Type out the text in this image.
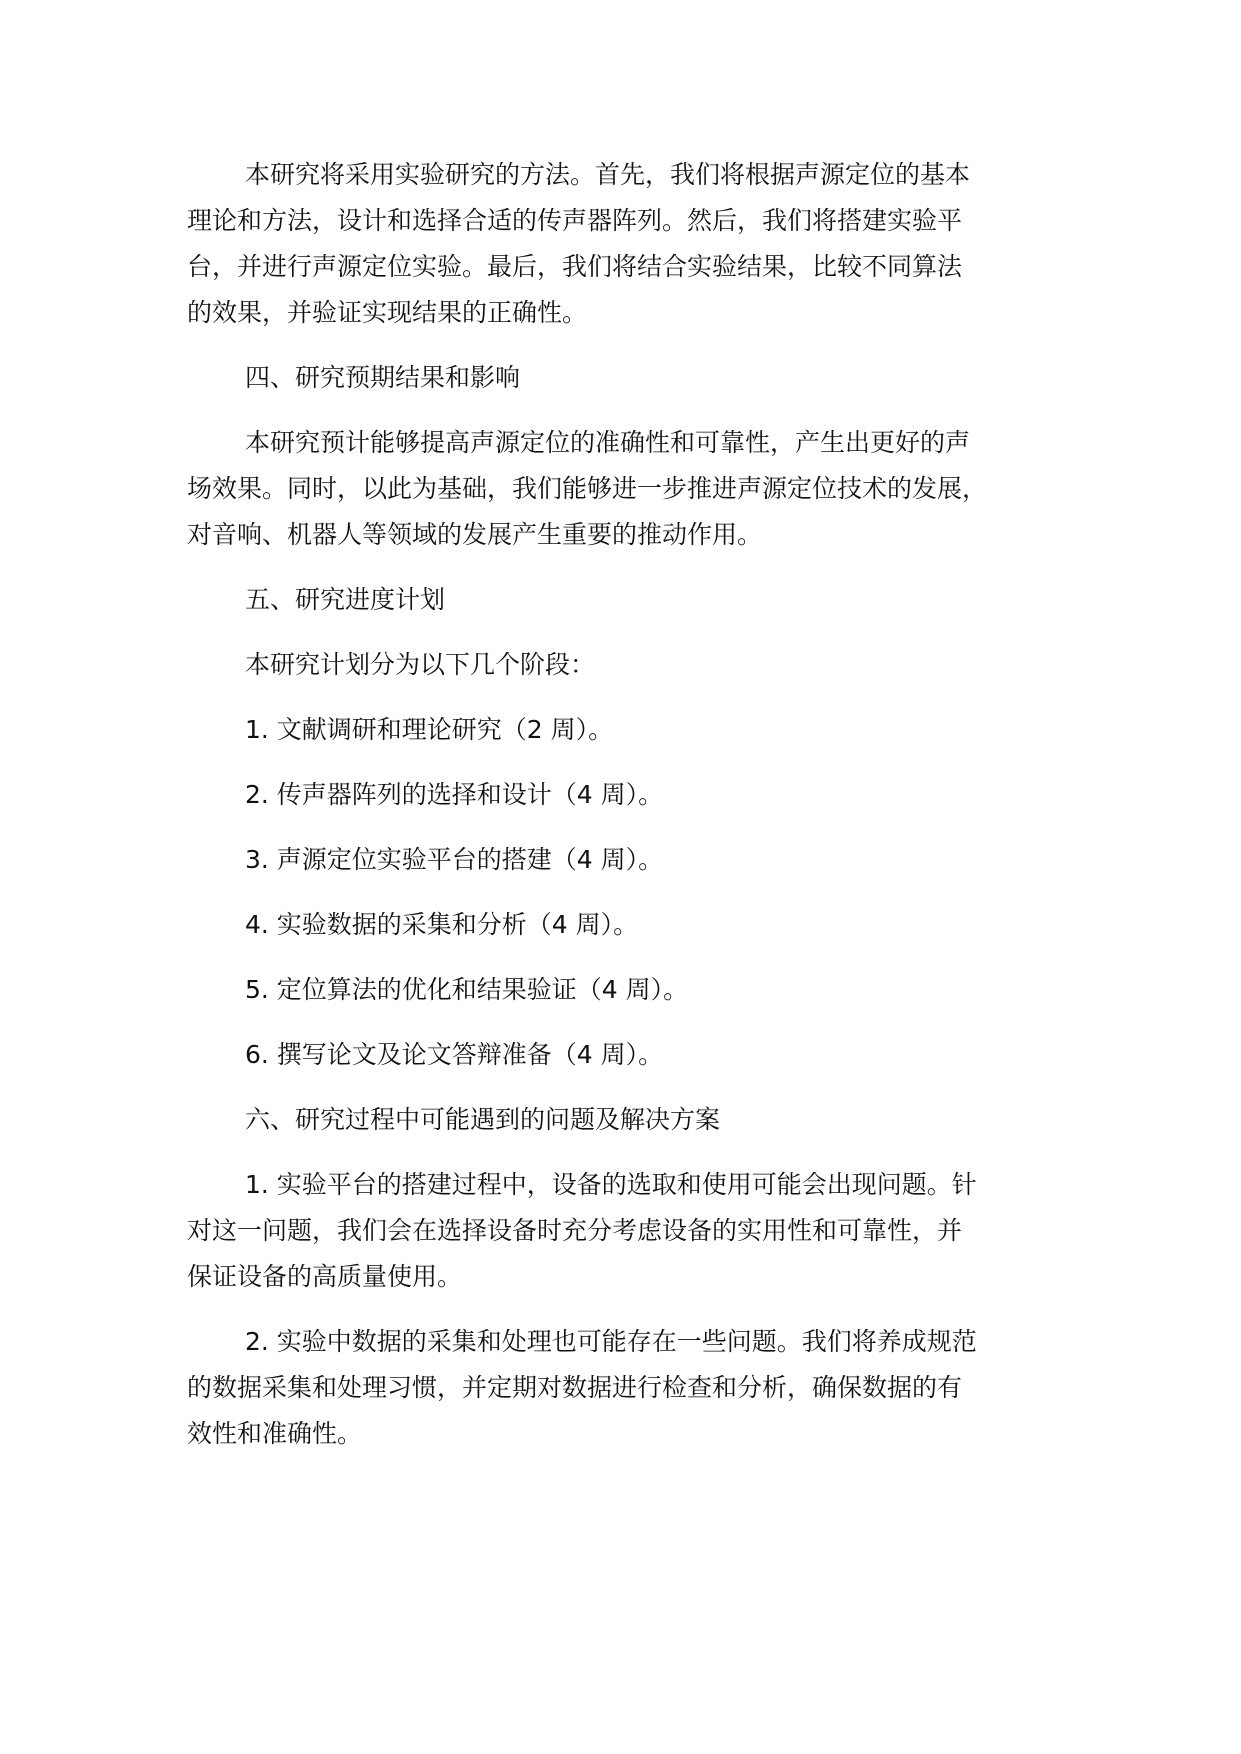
本研究将采用实验研究的方法。首先，我们将根据声源定位的基本
理论和方法，设计和选择合适的传声器阵列。然后，我们将搭建实验平
台，并进行声源定位实验。最后，我们将结合实验结果，比较不同算法
的效果，并验证实现结果的正确性。

四、研究预期结果和影响

本研究预计能够提高声源定位的准确性和可靠性，产生出更好的声
场效果。同时，以此为基础，我们能够进一步推进声源定位技术的发展，
对音响、机器人等领域的发展产生重要的推动作用。

五、研究进度计划

本研究计划分为以下几个阶段：

1. 文献调研和理论研究（2 周）。

2. 传声器阵列的选择和设计（4 周）。

3. 声源定位实验平台的搭建（4 周）。

4. 实验数据的采集和分析（4 周）。

5. 定位算法的优化和结果验证（4 周）。

6. 撰写论文及论文答辩准备（4 周）。

六、研究过程中可能遇到的问题及解决方案

1. 实验平台的搭建过程中，设备的选取和使用可能会出现问题。针
对这一问题，我们会在选择设备时充分考虑设备的实用性和可靠性，并
保证设备的高质量使用。

2. 实验中数据的采集和处理也可能存在一些问题。我们将养成规范
的数据采集和处理习惯，并定期对数据进行检查和分析，确保数据的有
效性和准确性。
